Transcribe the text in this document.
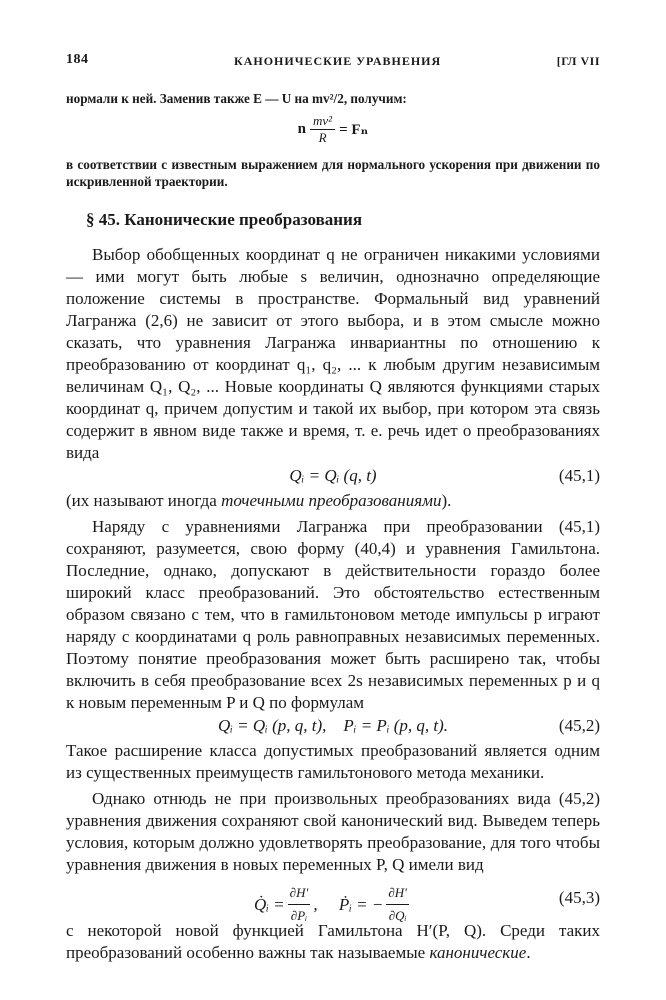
184	КАНОНИЧЕСКИЕ УРАВНЕНИЯ	[ГЛ VII
нормали к ней. Заменив также E — U на mv²/2, получим:
n $\frac{\text{mv²}}{R} = F_n$
в соответствии с известным выражением для нормального ускорения при движении по искривленной траектории.
§ 45. Канонические преобразования

Выбор обобщенных координат q не ограничен никакими условиями — ими могут быть любые s величин, однозначно определяющие положение системы в пространстве. Формальный вид уравнений Лагранжа (2,6) не зависит от этого выбора, и в этом смысле можно сказать, что уравнения Лагранжа инвариантны по отношению к преобразованию от координат q₁, q₂, ... к любым другим независимым величинам Q₁, Q₂, ... Новые координаты Q являются функциями старых координат q, причем допустим и такой их выбор, при котором эта связь содержит в явном виде также и время, т. е. речь идет о преобразованиях вида

Qᵢ = Qᵢ (q, t)	(45,1)

(их называют иногда точечными преобразованиями).

Наряду с уравнениями Лагранжа при преобразовании (45,1) сохраняют, разумеется, свою форму (40,4) и уравнения Гамильтона. Последние, однако, допускают в действительности гораздо более широкий класс преобразований. Это обстоятельство естественным образом связано с тем, что в гамильтоновом методе импульсы p играют наряду с координатами q роль равноправных независимых переменных. Поэтому понятие преобразования может быть расширено так, чтобы включить в себя преобразование всех 2s независимых переменных p и q к новым переменным P и Q по формулам

Qᵢ = Qᵢ (p, q, t),    Pᵢ = Pᵢ (p, q, t).	(45,2)

Такое расширение класса допустимых преобразований является одним из существенных преимуществ гамильтонового метода механики.

Однако отнюдь не при произвольных преобразованиях вида (45,2) уравнения движения сохраняют свой канонический вид. Выведем теперь условия, которым должно удовлетворять преобразование, для того чтобы уравнения движения в новых переменных P, Q имели вид

Q̇ᵢ = $\frac{\partial H'}{\text{∂Pᵢ}}$ ,     Ṗᵢ = − $\frac{\partial H'}{\text{∂Qᵢ}}$	(45,3)

с некоторой новой функцией Гамильтона H′(P, Q). Среди таких преобразований особенно важны так называемые канонические.
